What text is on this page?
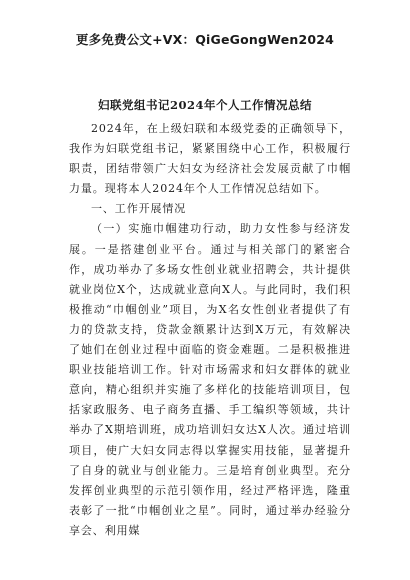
更多免费公文+VX：QiGeGongWen2024
妇联党组书记2024年个人工作情况总结

2024年，在上级妇联和本级党委的正确领导下，我作为妇联党组书记，紧紧围绕中心工作，积极履行职责，团结带领广大妇女为经济社会发展贡献了巾帼力量。现将本人2024年个人工作情况总结如下。

一、工作开展情况

（一）实施巾帼建功行动，助力女性参与经济发展。一是搭建创业平台。通过与相关部门的紧密合作，成功举办了多场女性创业就业招聘会，共计提供就业岗位X个，达成就业意向X人。与此同时，我们积极推动“巾帼创业”项目，为X名女性创业者提供了有力的贷款支持，贷款金额累计达到X万元，有效解决了她们在创业过程中面临的资金难题。二是积极推进职业技能培训工作。针对市场需求和妇女群体的就业意向，精心组织并实施了多样化的技能培训项目，包括家政服务、电子商务直播、手工编织等领域，共计举办了X期培训班，成功培训妇女达X人次。通过培训项目，使广大妇女同志得以掌握实用技能，显著提升了自身的就业与创业能力。三是培育创业典型。充分发挥创业典型的示范引领作用，经过严格评选，隆重表彰了一批“巾帼创业之星”。同时，通过举办经验分享会、利用媒
